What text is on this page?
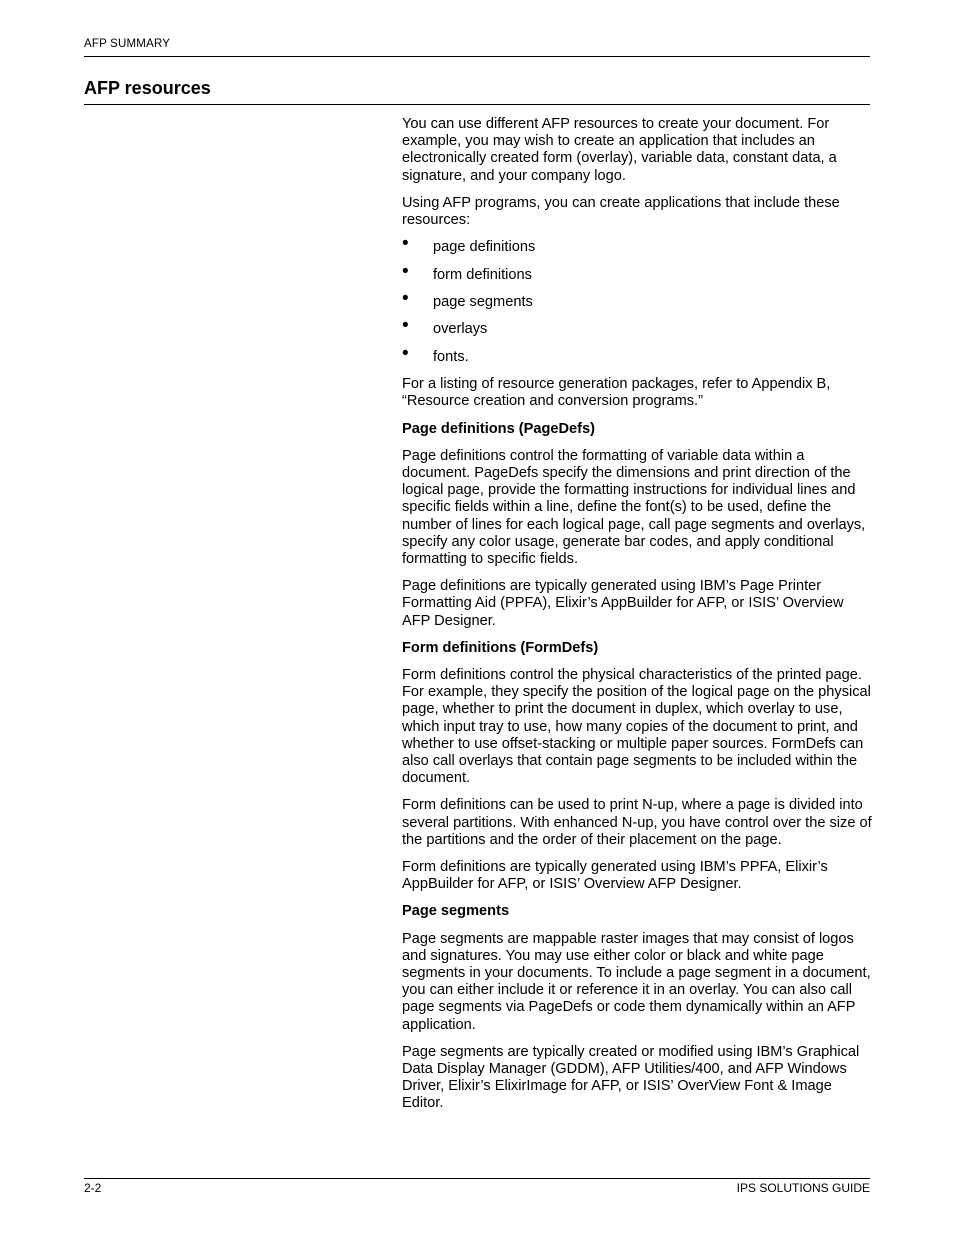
AFP SUMMARY
AFP resources

You can use different AFP resources to create your document. For example, you may wish to create an application that includes an electronically created form (overlay), variable data, constant data, a signature, and your company logo.

Using AFP programs, you can create applications that include these resources:

• page definitions
• form definitions
• page segments
• overlays
• fonts.

For a listing of resource generation packages, refer to Appendix B, “Resource creation and conversion programs.”

Page definitions (PageDefs)

Page definitions control the formatting of variable data within a document. PageDefs specify the dimensions and print direction of the logical page, provide the formatting instructions for individual lines and specific fields within a line, define the font(s) to be used, define the number of lines for each logical page, call page segments and overlays, specify any color usage, generate bar codes, and apply conditional formatting to specific fields.

Page definitions are typically generated using IBM’s Page Printer Formatting Aid (PPFA), Elixir’s AppBuilder for AFP, or ISIS’ Overview AFP Designer.

Form definitions (FormDefs)

Form definitions control the physical characteristics of the printed page. For example, they specify the position of the logical page on the physical page, whether to print the document in duplex, which overlay to use, which input tray to use, how many copies of the document to print, and whether to use offset-stacking or multiple paper sources. FormDefs can also call overlays that contain page segments to be included within the document.

Form definitions can be used to print N-up, where a page is divided into several partitions. With enhanced N-up, you have control over the size of the partitions and the order of their placement on the page.

Form definitions are typically generated using IBM’s PPFA, Elixir’s AppBuilder for AFP, or ISIS’ Overview AFP Designer.

Page segments

Page segments are mappable raster images that may consist of logos and signatures. You may use either color or black and white page segments in your documents. To include a page segment in a document, you can either include it or reference it in an overlay. You can also call page segments via PageDefs or code them dynamically within an AFP application.

Page segments are typically created or modified using IBM’s Graphical Data Display Manager (GDDM), AFP Utilities/400, and AFP Windows Driver, Elixir’s ElixirImage for AFP, or ISIS’ OverView Font & Image Editor.

2-2	IPS SOLUTIONS GUIDE
